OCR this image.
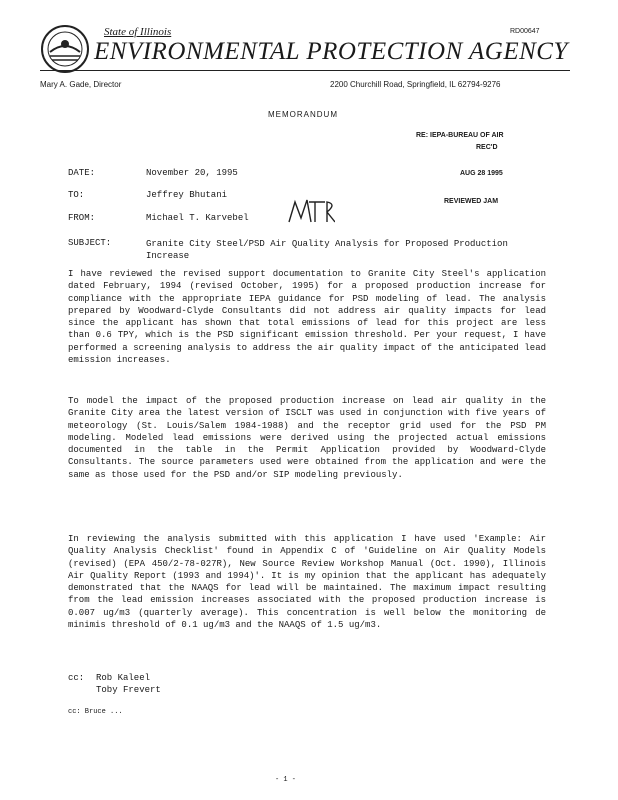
RD00647
State of Illinois
ENVIRONMENTAL PROTECTION AGENCY
Mary A. Gade, Director	2200 Churchill Road, Springfield, IL 62794-9276
MEMORANDUM
RE: IEPA-BUREAU OF AIR
REC'D
AUG 28 1995
REVIEWED JAM
DATE:	November 20, 1995
TO:	Jeffrey Bhutani
FROM:	Michael T. Karvebel
SUBJECT:	Granite City Steel/PSD Air Quality Analysis for Proposed Production Increase
I have reviewed the revised support documentation to Granite City Steel's application dated February, 1994 (revised October, 1995) for a proposed production increase for compliance with the appropriate IEPA guidance for PSD modeling of lead. The analysis prepared by Woodward-Clyde Consultants did not address air quality impacts for lead since the applicant has shown that total emissions of lead for this project are less than 0.6 TPY, which is the PSD significant emission threshold. Per your request, I have performed a screening analysis to address the air quality impact of the anticipated lead emission increases.
To model the impact of the proposed production increase on lead air quality in the Granite City area the latest version of ISCLT was used in conjunction with five years of meteorology (St. Louis/Salem 1984-1988) and the receptor grid used for the PSD PM modeling. Modeled lead emissions were derived using the projected actual emissions documented in the table in the Permit Application provided by Woodward-Clyde Consultants. The source parameters used were obtained from the application and were the same as those used for the PSD and/or SIP modeling previously.
In reviewing the analysis submitted with this application I have used 'Example: Air Quality Analysis Checklist' found in Appendix C of 'Guideline on Air Quality Models (revised) (EPA 450/2-78-027R), New Source Review Workshop Manual (Oct. 1990), Illinois Air Quality Report (1993 and 1994)'. It is my opinion that the applicant has adequately demonstrated that the NAAQS for lead will be maintained. The maximum impact resulting from the lead emission increases associated with the proposed production increase is 0.007 ug/m3 (quarterly average). This concentration is well below the monitoring de minimis threshold of 0.1 ug/m3 and the NAAQS of 1.5 ug/m3.
cc: Rob Kaleel
Toby Frevert
cc: Bruce ...
- 1 -
